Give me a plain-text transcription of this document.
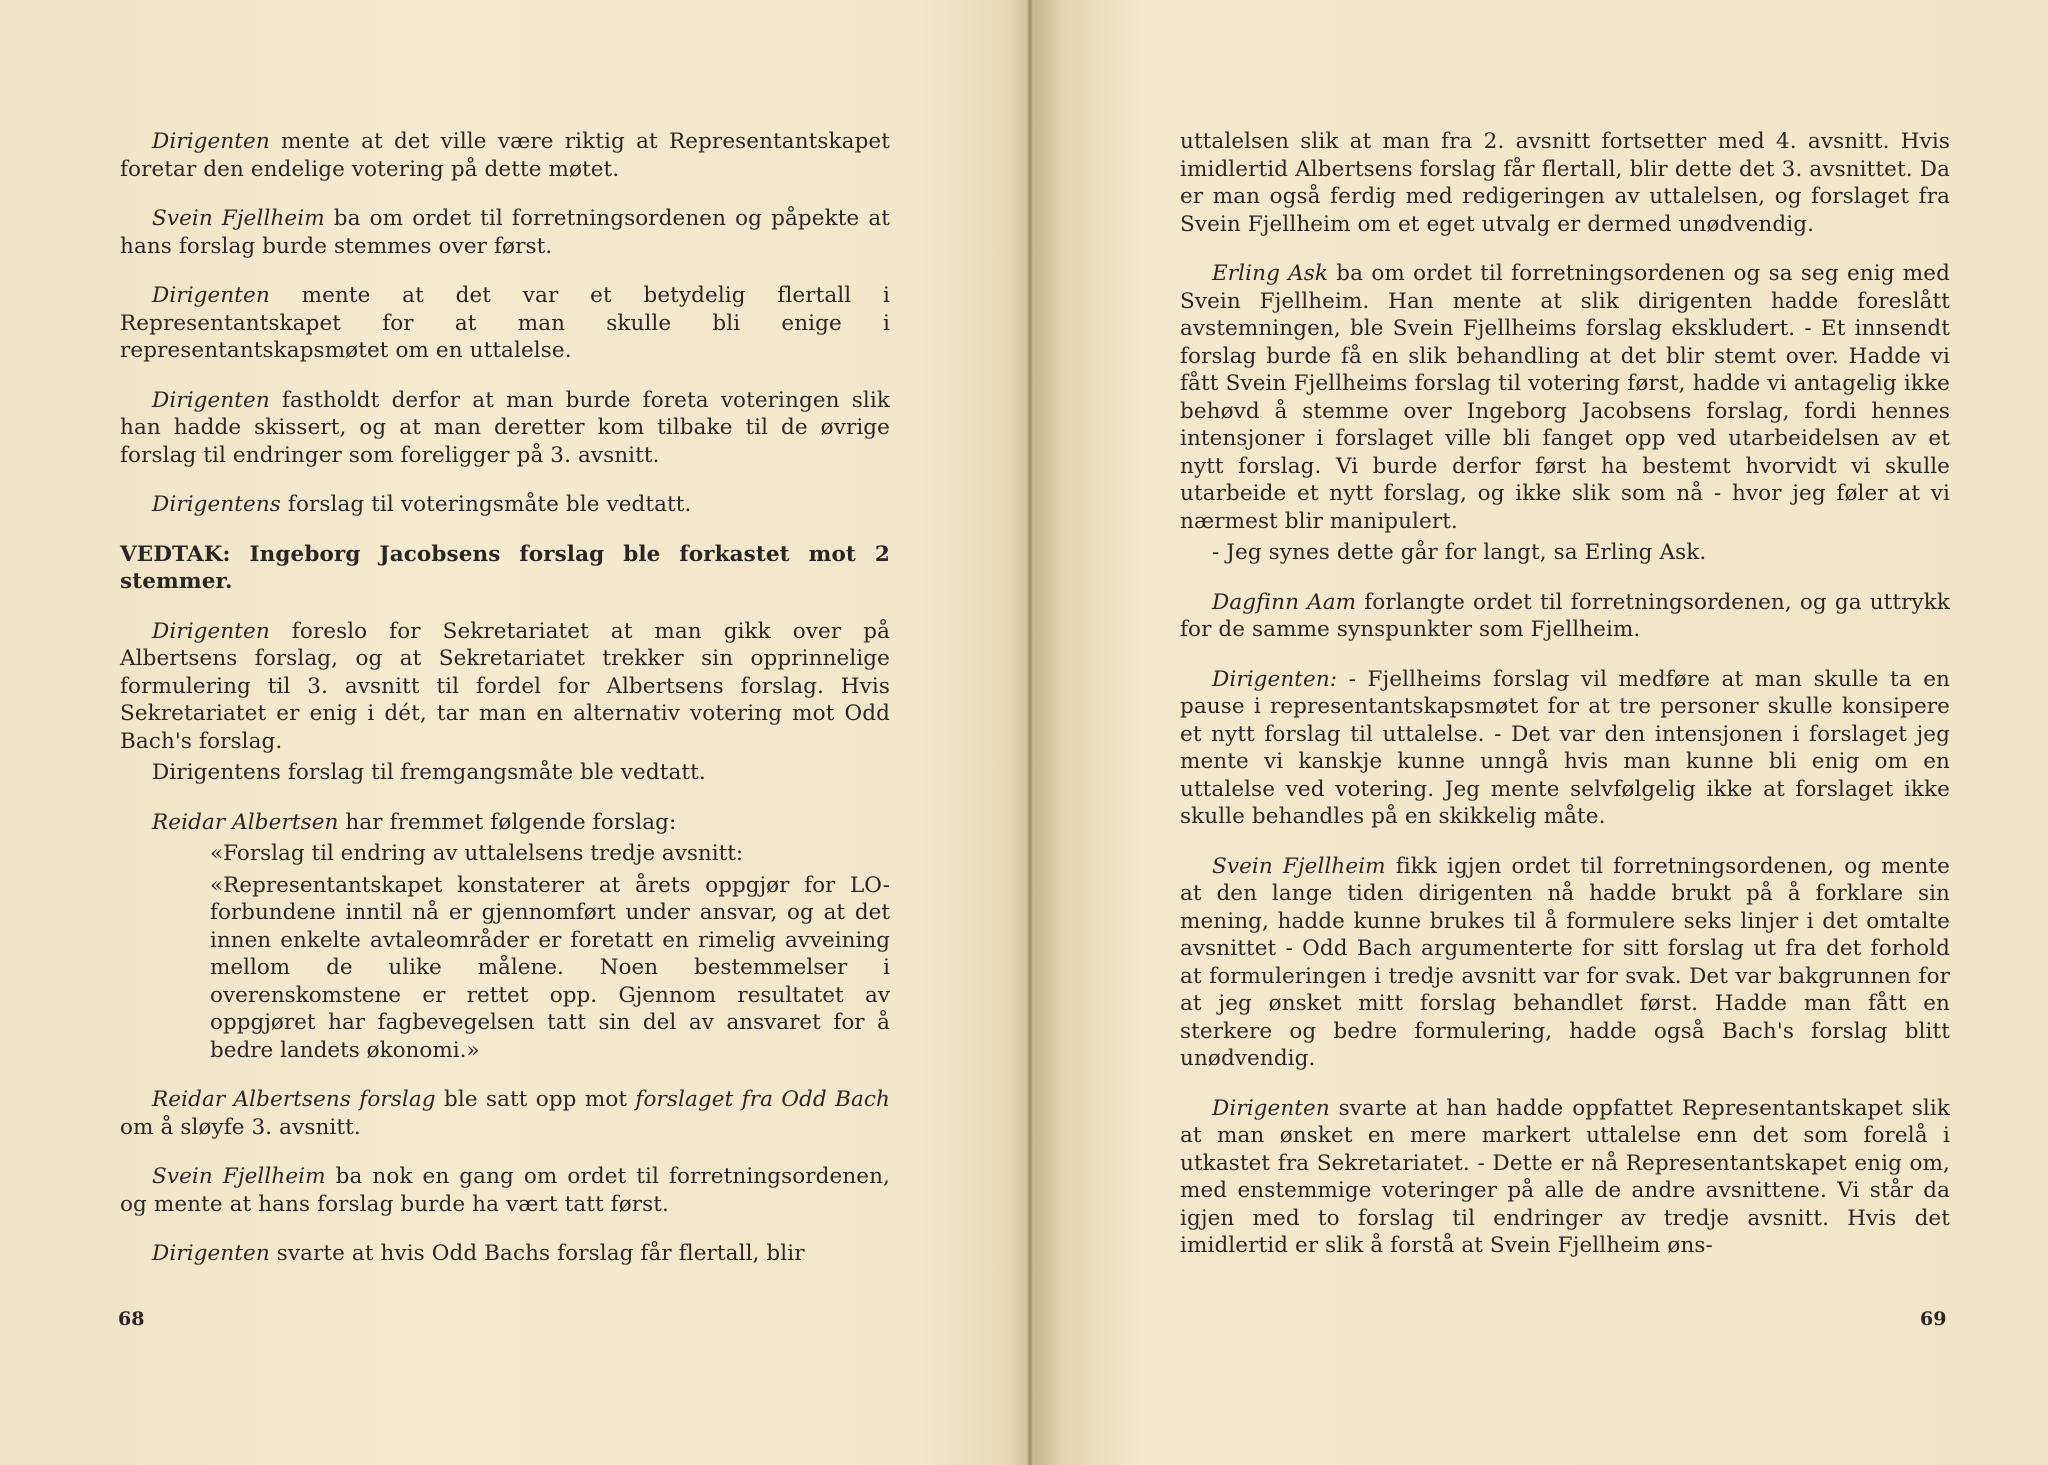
Dirigenten mente at det ville være riktig at Representantskapet foretar den endelige votering på dette møtet.

Svein Fjellheim ba om ordet til forretningsordenen og påpekte at hans forslag burde stemmes over først.

Dirigenten mente at det var et betydelig flertall i Representantskapet for at man skulle bli enige i representantskapsmøtet om en uttalelse.

Dirigenten fastholdt derfor at man burde foreta voteringen slik han hadde skissert, og at man deretter kom tilbake til de øvrige forslag til endringer som foreligger på 3. avsnitt.

Dirigentens forslag til voteringsmåte ble vedtatt.

VEDTAK: Ingeborg Jacobsens forslag ble forkastet mot 2 stemmer.

Dirigenten foreslo for Sekretariatet at man gikk over på Albertsens forslag, og at Sekretariatet trekker sin opprinnelige formulering til 3. avsnitt til fordel for Albertsens forslag. Hvis Sekretariatet er enig i dét, tar man en alternativ votering mot Odd Bach's forslag.

Dirigentens forslag til fremgangsmåte ble vedtatt.

Reidar Albertsen har fremmet følgende forslag:

«Forslag til endring av uttalelsens tredje avsnitt:

«Representantskapet konstaterer at årets oppgjør for LO-forbundene inntil nå er gjennomført under ansvar, og at det innen enkelte avtaleområder er foretatt en rimelig avveining mellom de ulike målene. Noen bestemmelser i overenskomstene er rettet opp. Gjennom resultatet av oppgjøret har fagbevegelsen tatt sin del av ansvaret for å bedre landets økonomi.»

Reidar Albertsens forslag ble satt opp mot forslaget fra Odd Bach om å sløyfe 3. avsnitt.

Svein Fjellheim ba nok en gang om ordet til forretningsordenen, og mente at hans forslag burde ha vært tatt først.

Dirigenten svarte at hvis Odd Bachs forslag får flertall, blir

68

uttalelsen slik at man fra 2. avsnitt fortsetter med 4. avsnitt. Hvis imidlertid Albertsens forslag får flertall, blir dette det 3. avsnittet. Da er man også ferdig med redigeringen av uttalelsen, og forslaget fra Svein Fjellheim om et eget utvalg er dermed unødvendig.

Erling Ask ba om ordet til forretningsordenen og sa seg enig med Svein Fjellheim. Han mente at slik dirigenten hadde foreslått avstemningen, ble Svein Fjellheims forslag ekskludert. - Et innsendt forslag burde få en slik behandling at det blir stemt over. Hadde vi fått Svein Fjellheims forslag til votering først, hadde vi antagelig ikke behøvd å stemme over Ingeborg Jacobsens forslag, fordi hennes intensjoner i forslaget ville bli fanget opp ved utarbeidelsen av et nytt forslag. Vi burde derfor først ha bestemt hvorvidt vi skulle utarbeide et nytt forslag, og ikke slik som nå - hvor jeg føler at vi nærmest blir manipulert.

- Jeg synes dette går for langt, sa Erling Ask.

Dagfinn Aam forlangte ordet til forretningsordenen, og ga uttrykk for de samme synspunkter som Fjellheim.

Dirigenten: - Fjellheims forslag vil medføre at man skulle ta en pause i representantskapsmøtet for at tre personer skulle konsipere et nytt forslag til uttalelse. - Det var den intensjonen i forslaget jeg mente vi kanskje kunne unngå hvis man kunne bli enig om en uttalelse ved votering. Jeg mente selvfølgelig ikke at forslaget ikke skulle behandles på en skikkelig måte.

Svein Fjellheim fikk igjen ordet til forretningsordenen, og mente at den lange tiden dirigenten nå hadde brukt på å forklare sin mening, hadde kunne brukes til å formulere seks linjer i det omtalte avsnittet - Odd Bach argumenterte for sitt forslag ut fra det forhold at formuleringen i tredje avsnitt var for svak. Det var bakgrunnen for at jeg ønsket mitt forslag behandlet først. Hadde man fått en sterkere og bedre formulering, hadde også Bach's forslag blitt unødvendig.

Dirigenten svarte at han hadde oppfattet Representantskapet slik at man ønsket en mere markert uttalelse enn det som forelå i utkastet fra Sekretariatet. - Dette er nå Representantskapet enig om, med enstemmige voteringer på alle de andre avsnittene. Vi står da igjen med to forslag til endringer av tredje avsnitt. Hvis det imidlertid er slik å forstå at Svein Fjellheim øns-

69
